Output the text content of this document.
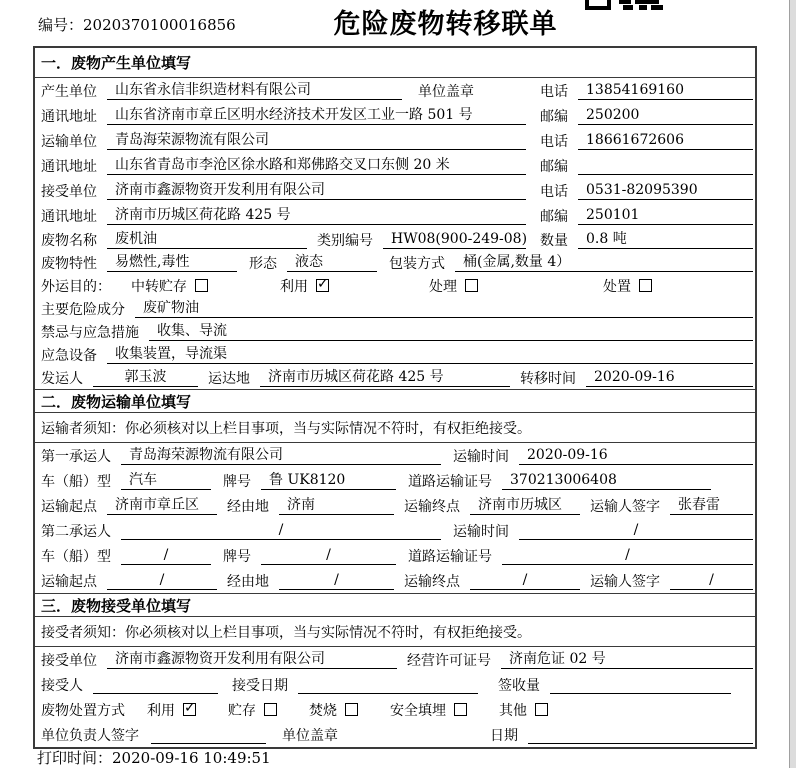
编号：2020370100016856	危险废物转移联单
一．废物产生单位填写
产生单位	山东省永信非织造材料有限公司	单位盖章	电话	13854169160
通讯地址	山东省济南市章丘区明水经济技术开发区工业一路 501 号	邮编	250200
运输单位	青岛海荣源物流有限公司	电话	18661672606
通讯地址	山东省青岛市李沧区徐水路和郑佛路交叉口东侧 20 米	邮编
接受单位	济南市鑫源物资开发利用有限公司	电话	0531-82095390
通讯地址	济南市历城区荷花路 425 号	邮编	250101
废物名称	废机油	类别编号	HW08(900-249-08) 数量	0.8 吨
废物特性	易燃性,毒性	形态	液态	包装方式	桶(金属,数量 4）
外运目的： 中转贮存	利用 ✓	处理	处置
主要危险成分	废矿物油
禁忌与应急措施	收集、导流
应急设备	收集装置，导流渠
发运人	郭玉波	运达地	济南市历城区荷花路 425 号	转移时间	2020-09-16
二．废物运输单位填写
运输者须知：你必须核对以上栏目事项，当与实际情况不符时，有权拒绝接受。
第一承运人	青岛海荣源物流有限公司	运输时间	2020-09-16
车（船）型	汽车	牌号	鲁 UK8120	道路运输证号	370213006408
运输起点	济南市章丘区	经由地	济南	运输终点	济南市历城区	运输人签字	张春雷
第二承运人	/	运输时间	/
车（船）型	/	牌号	/	道路运输证号	/
运输起点	/	经由地	/	运输终点	/	运输人签字	/
三．废物接受单位填写
接受者须知：你必须核对以上栏目事项，当与实际情况不符时，有权拒绝接受。
接受单位	济南市鑫源物资开发利用有限公司	经营许可证号	济南危证 02 号
接受人	接受日期	签收量
废物处置方式 利用 ✓	贮存	焚烧	安全填埋	其他
单位负责人签字	单位盖章	日期
打印时间：2020-09-16 10:49:51
